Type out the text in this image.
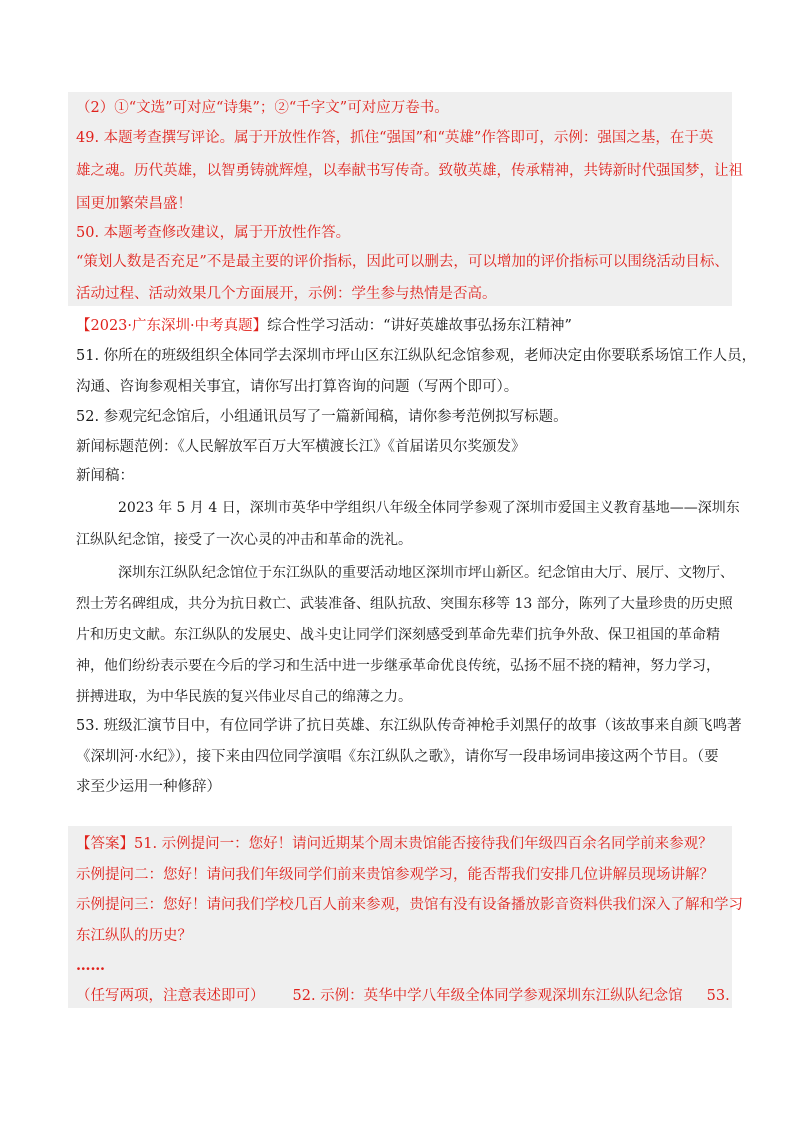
（2）①“文选”可对应“诗集”；②“千字文”可对应万卷书。
49. 本题考查撰写评论。属于开放性作答，抓住“强国”和“英雄”作答即可，示例：强国之基，在于英
雄之魂。历代英雄，以智勇铸就辉煌，以奉献书写传奇。致敬英雄，传承精神，共铸新时代强国梦，让祖
国更加繁荣昌盛！
50. 本题考查修改建议，属于开放性作答。
“策划人数是否充足”不是最主要的评价指标，因此可以删去，可以增加的评价指标可以围绕活动目标、
活动过程、活动效果几个方面展开，示例：学生参与热情是否高。
【2023·广东深圳·中考真题】综合性学习活动：“讲好英雄故事弘扬东江精神”
51. 你所在的班级组织全体同学去深圳市坪山区东江纵队纪念馆参观，老师决定由你要联系场馆工作人员，
沟通、咨询参观相关事宜，请你写出打算咨询的问题（写两个即可）。
52. 参观完纪念馆后，小组通讯员写了一篇新闻稿，请你参考范例拟写标题。
新闻标题范例：《人民解放军百万大军横渡长江》《首届诺贝尔奖颁发》
新闻稿：
2023 年 5 月 4 日，深圳市英华中学组织八年级全体同学参观了深圳市爱国主义教育基地——深圳东
江纵队纪念馆，接受了一次心灵的冲击和革命的洗礼。
深圳东江纵队纪念馆位于东江纵队的重要活动地区深圳市坪山新区。纪念馆由大厅、展厅、文物厅、
烈士芳名碑组成，共分为抗日救亡、武装准备、组队抗敌、突围东移等 13 部分，陈列了大量珍贵的历史照
片和历史文献。东江纵队的发展史、战斗史让同学们深刻感受到革命先辈们抗争外敌、保卫祖国的革命精
神，他们纷纷表示要在今后的学习和生活中进一步继承革命优良传统，弘扬不屈不挠的精神，努力学习，
拼搏进取，为中华民族的复兴伟业尽自己的绵薄之力。
53. 班级汇演节目中，有位同学讲了抗日英雄、东江纵队传奇神枪手刘黑仔的故事（该故事来自颜飞鸣著
《深圳河·水纪》），接下来由四位同学演唱《东江纵队之歌》，请你写一段串场词串接这两个节目。（要
求至少运用一种修辞）
【答案】51. 示例提问一：您好！请问近期某个周末贵馆能否接待我们年级四百余名同学前来参观？
示例提问二：您好！请问我们年级同学们前来贵馆参观学习，能否帮我们安排几位讲解员现场讲解？
示例提问三：您好！请问我们学校几百人前来参观，贵馆有没有设备播放影音资料供我们深入了解和学习
东江纵队的历史？
……
（任写两项，注意表述即可） 52. 示例：英华中学八年级全体同学参观深圳东江纵队纪念馆 53.
